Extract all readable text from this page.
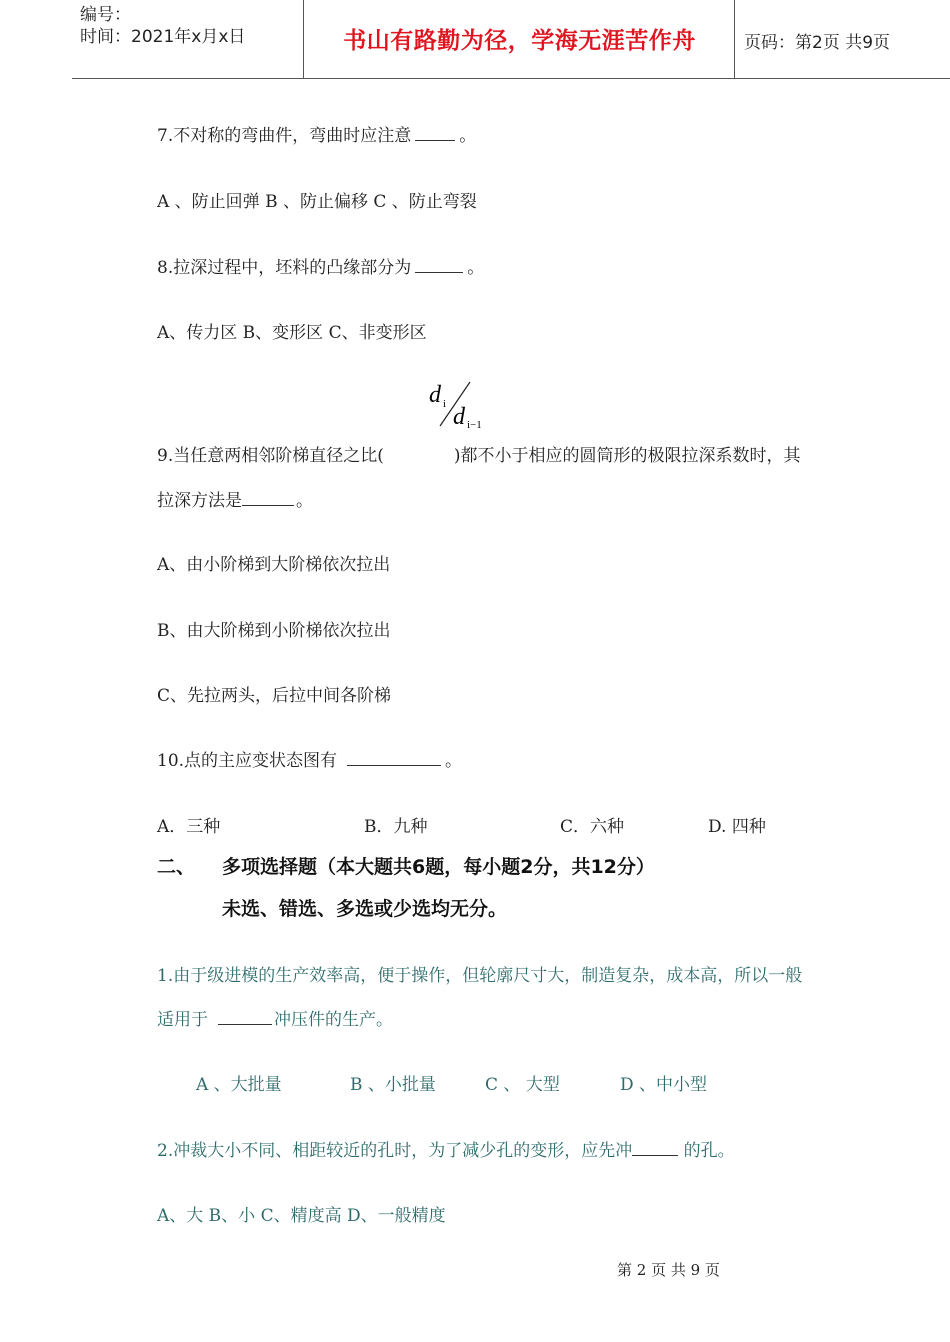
编号：
时间：2021年x月x日	书山有路勤为径，学海无涯苦作舟	页码：第2页 共9页
7.不对称的弯曲件，弯曲时应注意	。
A 、防止回弹 B 、防止偏移 C 、防止弯裂
8.拉深过程中，坯料的凸缘部分为	。
A、传力区 B、变形区 C、非变形区
d i d i−1
9.当任意两相邻阶梯直径之比(	)都不小于相应的圆筒形的极限拉深系数时，其
拉深方法是	。
A、由小阶梯到大阶梯依次拉出
B、由大阶梯到小阶梯依次拉出
C、先拉两头，后拉中间各阶梯
10.点的主应变状态图有	。
A．三种	B．九种	C．六种	D. 四种
二、 多项选择题（本大题共6题，每小题2分，共12分）
未选、错选、多选或少选均无分。
1.由于级进模的生产效率高，便于操作，但轮廓尺寸大，制造复杂，成本高，所以一般
适用于	冲压件的生产。
A 、大批量	B 、小批量	C 、 大型	D 、中小型
2.冲裁大小不同、相距较近的孔时，为了减少孔的变形，应先冲	的孔。
A、大 B、小 C、精度高 D、一般精度
第 2 页 共 9 页
